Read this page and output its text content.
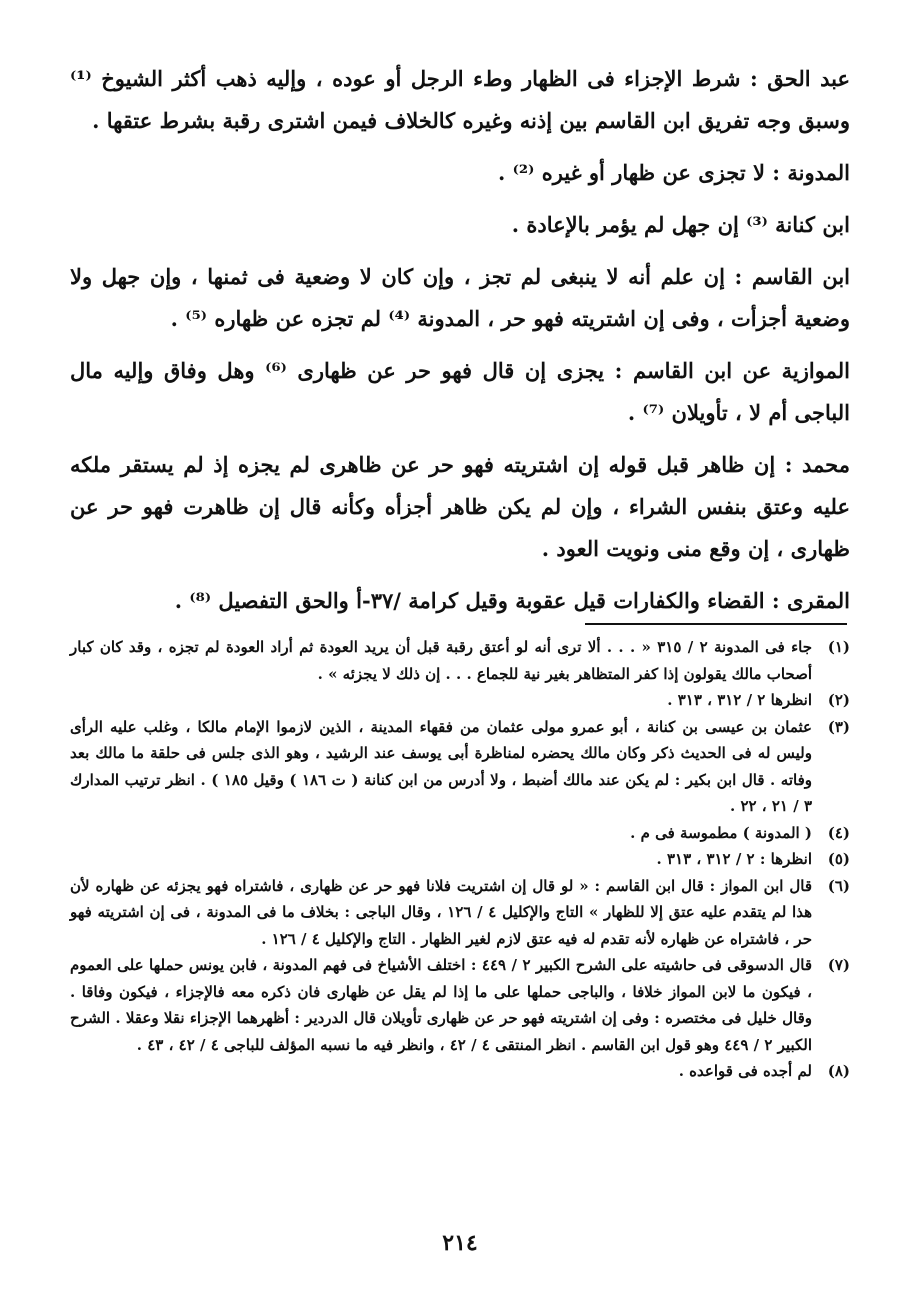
عبد الحق : شرط الإجزاء فى الظهار وطء الرجل أو عوده ، وإليه ذهب أكثر الشيوخ ⁽¹⁾ وسبق وجه تفريق ابن القاسم بين إذنه وغيره كالخلاف فيمن اشترى رقبة بشرط عتقها .

المدونة : لا تجزى عن ظهار أو غيره ⁽²⁾ .

ابن كنانة ⁽³⁾ إن جهل لم يؤمر بالإعادة .

ابن القاسم : إن علم أنه لا ينبغى لم تجز ، وإن كان لا وضعية فى ثمنها ، وإن جهل ولا وضعية أجزأت ، وفى إن اشتريته فهو حر ، المدونة ⁽⁴⁾ لم تجزه عن ظهاره ⁽⁵⁾ .

الموازية عن ابن القاسم : يجزى إن قال فهو حر عن ظهارى ⁽⁶⁾ وهل وفاق وإليه مال الباجى أم لا ، تأويلان ⁽⁷⁾ .

محمد : إن ظاهر قبل قوله إن اشتريته فهو حر عن ظاهرى لم يجزه إذ لم يستقر ملكه عليه وعتق بنفس الشراء ، وإن لم يكن ظاهر أجزأه وكأنه قال إن ظاهرت فهو حر عن ظهارى ، إن وقع منى ونويت العود .

المقرى : القضاء والكفارات قيل عقوبة وقيل كرامة /٣٧-أ والحق التفصيل ⁽⁸⁾ .

(١)
جاء فى المدونة ٢ / ٣١٥ « . . . ألا ترى أنه لو أعتق رقبة قبل أن يريد العودة ثم أراد العودة لم تجزه ، وقد كان كبار أصحاب مالك يقولون إذا كفر المتظاهر بغير نية للجماع . . . إن ذلك لا يجزئه » .
(٢)
انظرها ٢ / ٣١٢ ، ٣١٣ .
(٣)
عثمان بن عيسى بن كنانة ، أبو عمرو مولى عثمان من فقهاء المدينة ، الذين لازموا الإمام مالكا ، وغلب عليه الرأى وليس له فى الحديث ذكر وكان مالك يحضره لمناظرة أبى يوسف عند الرشيد ، وهو الذى جلس فى حلقة ما مالك بعد وفاته . قال ابن بكير : لم يكن عند مالك أضبط ، ولا أدرس من ابن كنانة ( ت ١٨٦ ) وقيل ١٨٥ ) . انظر ترتيب المدارك ٣ / ٢١ ، ٢٢ .
(٤)
( المدونة ) مطموسة فى م .
(٥)
انظرها : ٢ / ٣١٢ ، ٣١٣ .
(٦)
قال ابن المواز : قال ابن القاسم : « لو قال إن اشتريت فلانا فهو حر عن ظهارى ، فاشتراه فهو يجزئه عن ظهاره لأن هذا لم يتقدم عليه عتق إلا للظهار » التاج والإكليل ٤ / ١٢٦ ، وقال الباجى : بخلاف ما فى المدونة ، فى إن اشتريته فهو حر ، فاشتراه عن ظهاره لأنه تقدم له فيه عتق لازم لغير الظهار . التاج والإكليل ٤ / ١٢٦ .
(٧)
قال الدسوقى فى حاشيته على الشرح الكبير ٢ / ٤٤٩ : اختلف الأشياخ فى فهم المدونة ، فابن يونس حملها على العموم ، فيكون ما لابن المواز خلافا ، والباجى حملها على ما إذا لم يقل عن ظهارى فان ذكره معه فالإجزاء ، فيكون وفاقا . وقال خليل فى مختصره : وفى إن اشتريته فهو حر عن ظهارى تأويلان قال الدردير : أظهرهما الإجزاء نقلا وعقلا . الشرح الكبير ٢ / ٤٤٩ وهو قول ابن القاسم . انظر المنتقى ٤ / ٤٢ ، وانظر فيه ما نسبه المؤلف للباجى ٤ / ٤٢ ، ٤٣ .
(٨)
لم أجده فى قواعده .
٢١٤
